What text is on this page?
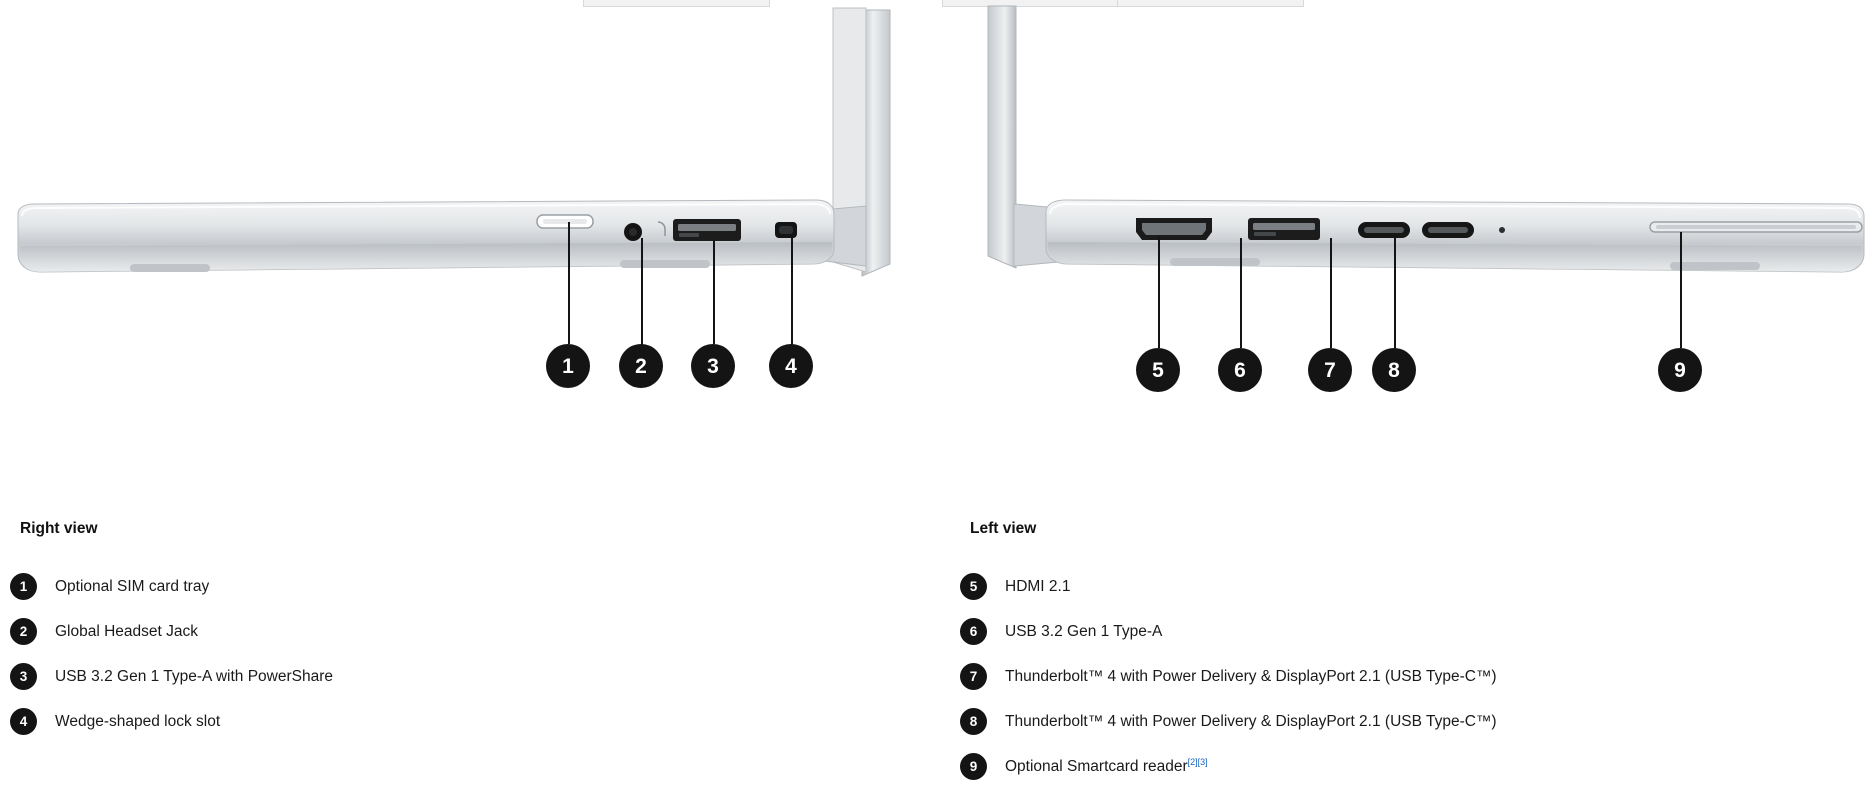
1	2	3	4	5	6	7	8	9
Right view
1	Optional SIM card tray
2	Global Headset Jack
3	USB 3.2 Gen 1 Type-A with PowerShare
4	Wedge-shaped lock slot
Left view
5	HDMI 2.1
6	USB 3.2 Gen 1 Type-A
7	Thunderbolt™ 4 with Power Delivery & DisplayPort 2.1 (USB Type-C™)
8	Thunderbolt™ 4 with Power Delivery & DisplayPort 2.1 (USB Type-C™)
9	Optional Smartcard reader[2][3]
